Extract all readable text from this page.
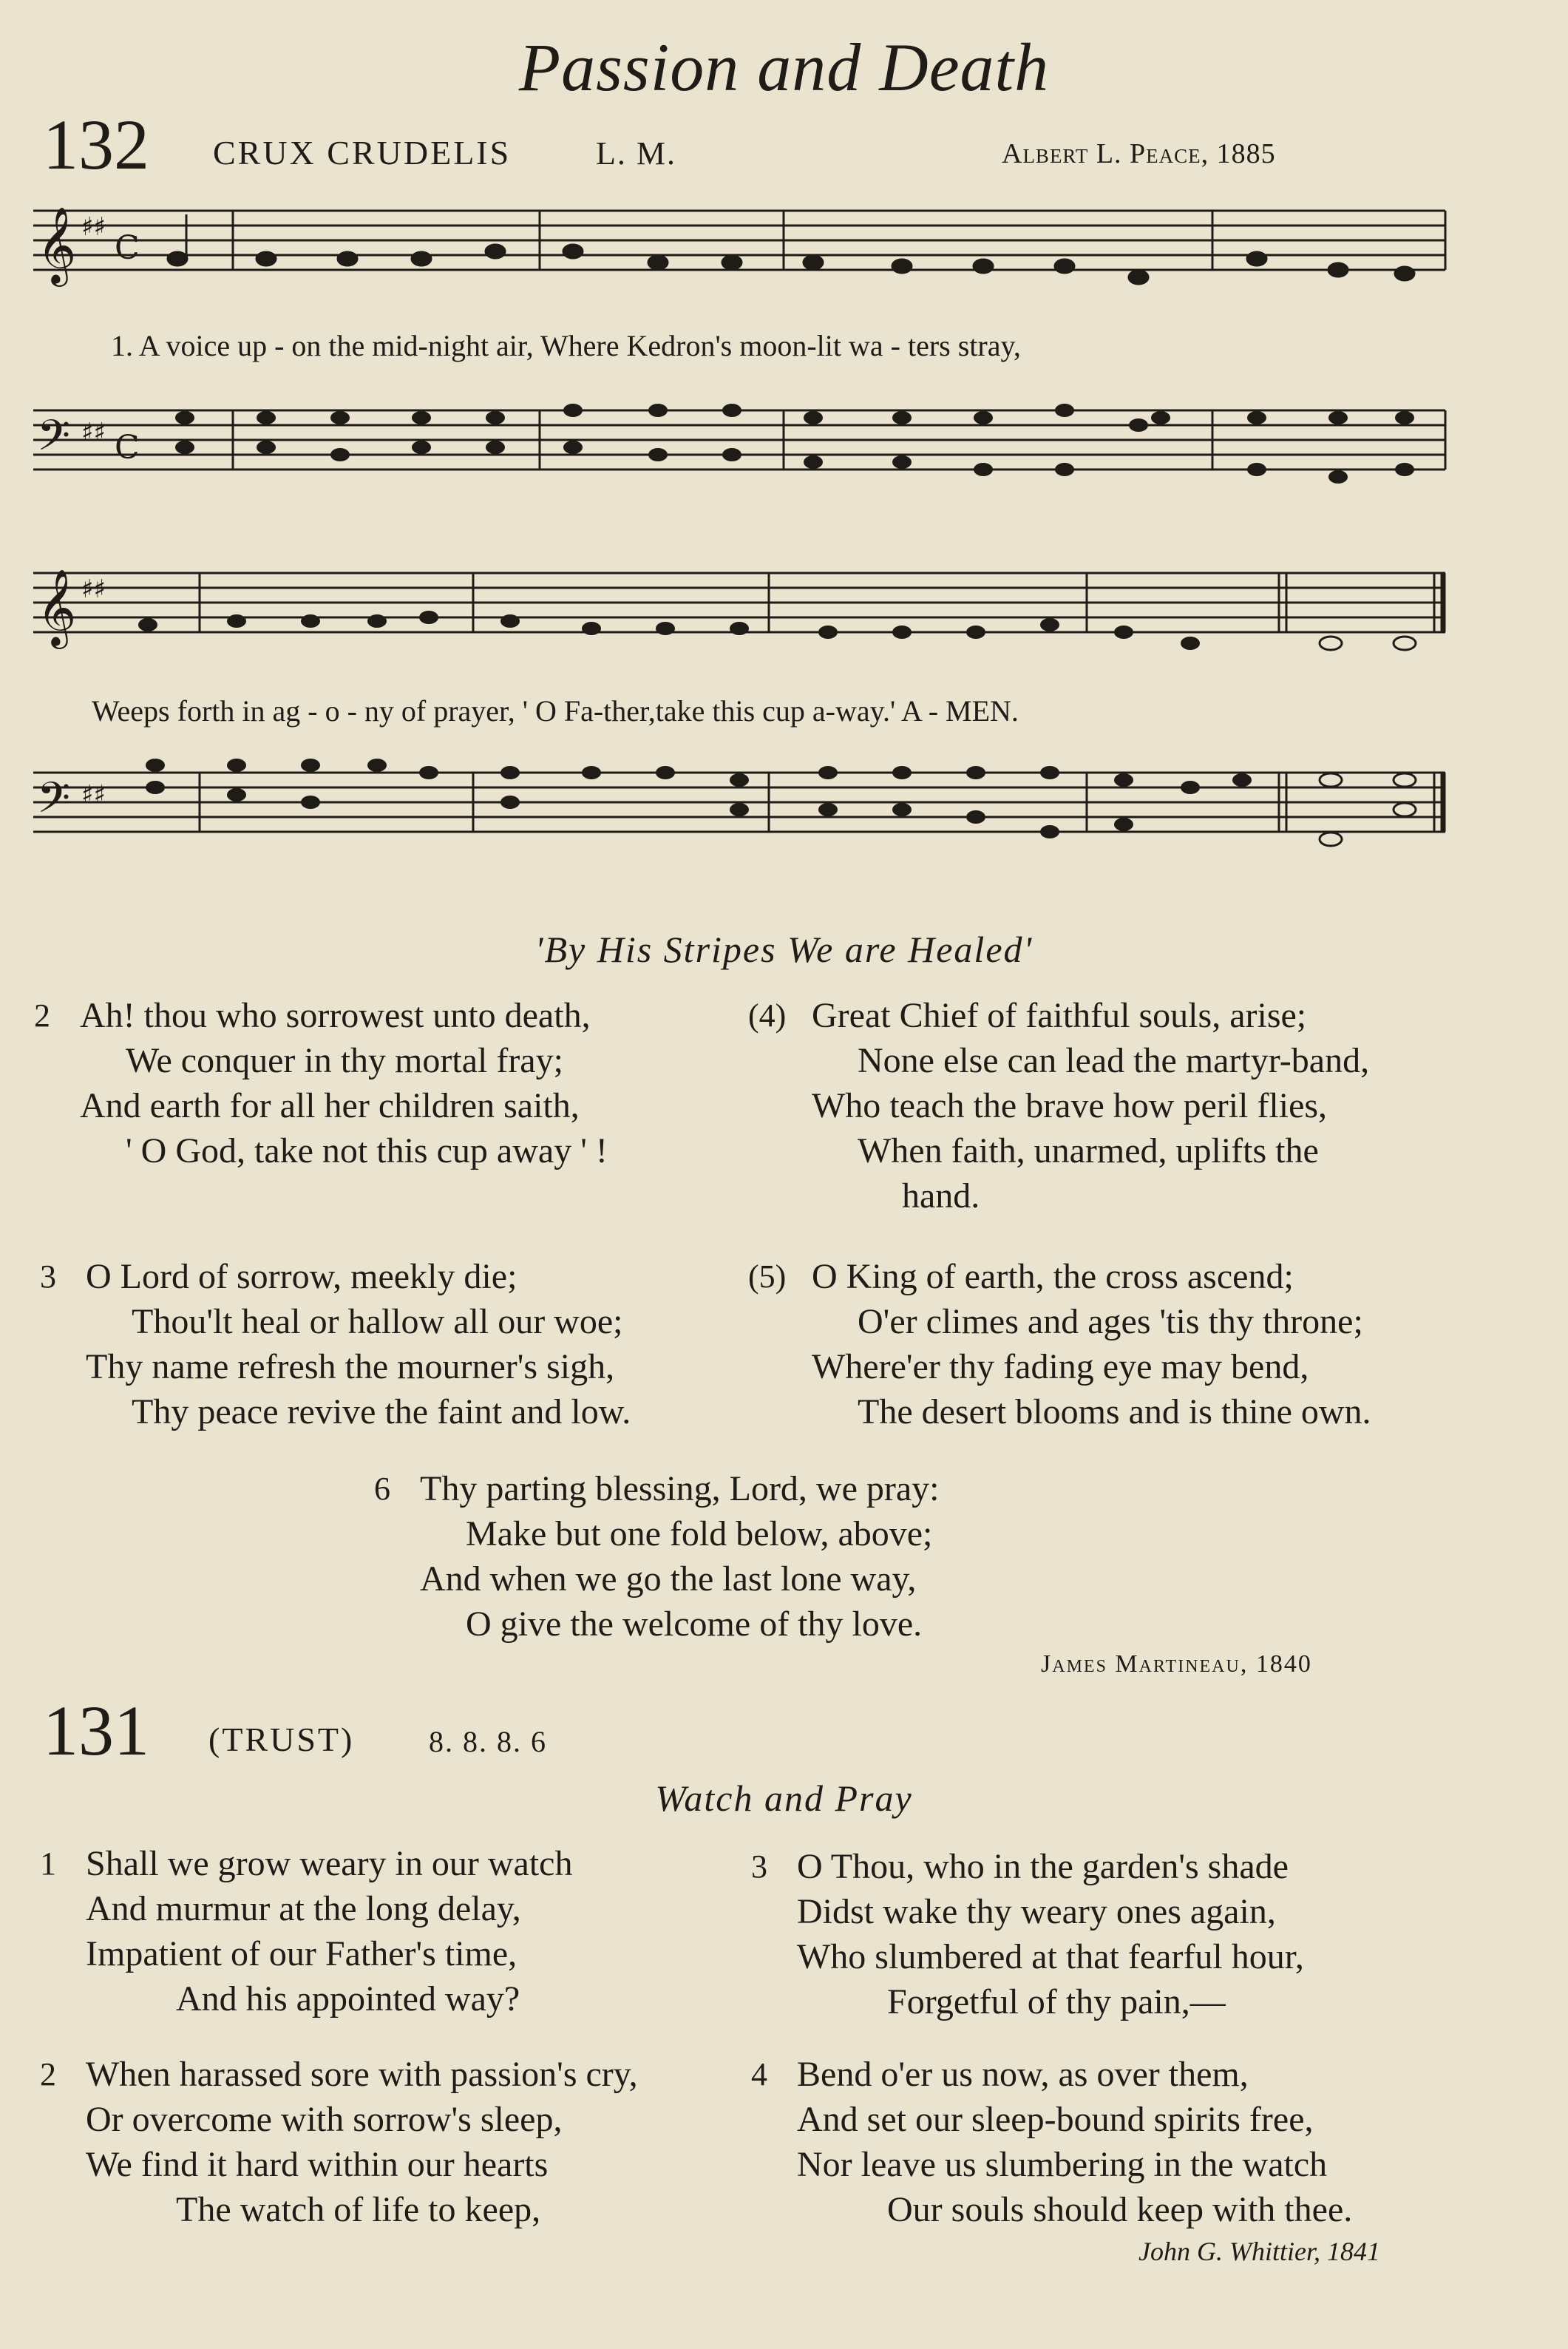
Passion and Death
132 CRUX CRUDELIS	L. M.	Albert L. Peace, 1885
𝄞 ♯♯
C
1. A voice up - on the mid-night air, Where Kedron's moon-lit wa - ters stray,
𝄢 ♯♯ C
𝄞 ♯♯
Weeps forth in ag - o - ny of prayer, ' O Fa-ther,take this cup a-way.' A - MEN.
𝄢 ♯♯
'By His Stripes We are Healed'
2 Ah! thou who sorrowest unto death,
We conquer in thy mortal fray;
And earth for all her children saith,
' O God, take not this cup away ' !
(4) Great Chief of faithful souls, arise;
None else can lead the martyr-band,
Who teach the brave how peril flies,
When faith, unarmed, uplifts the
hand.
3 O Lord of sorrow, meekly die;
Thou'lt heal or hallow all our woe;
Thy name refresh the mourner's sigh,
Thy peace revive the faint and low.
(5) O King of earth, the cross ascend;
O'er climes and ages 'tis thy throne;
Where'er thy fading eye may bend,
The desert blooms and is thine own.
6 Thy parting blessing, Lord, we pray:
Make but one fold below, above;
And when we go the last lone way,
O give the welcome of thy love.
James Martineau, 1840
131 (TRUST)	8. 8. 8. 6
Watch and Pray
1 Shall we grow weary in our watch
And murmur at the long delay,
Impatient of our Father's time,
And his appointed way?
3 O Thou, who in the garden's shade
Didst wake thy weary ones again,
Who slumbered at that fearful hour,
Forgetful of thy pain,—
2 When harassed sore with passion's cry,
Or overcome with sorrow's sleep,
We find it hard within our hearts
The watch of life to keep,
4 Bend o'er us now, as over them,
And set our sleep-bound spirits free,
Nor leave us slumbering in the watch
Our souls should keep with thee.
John G. Whittier, 1841
